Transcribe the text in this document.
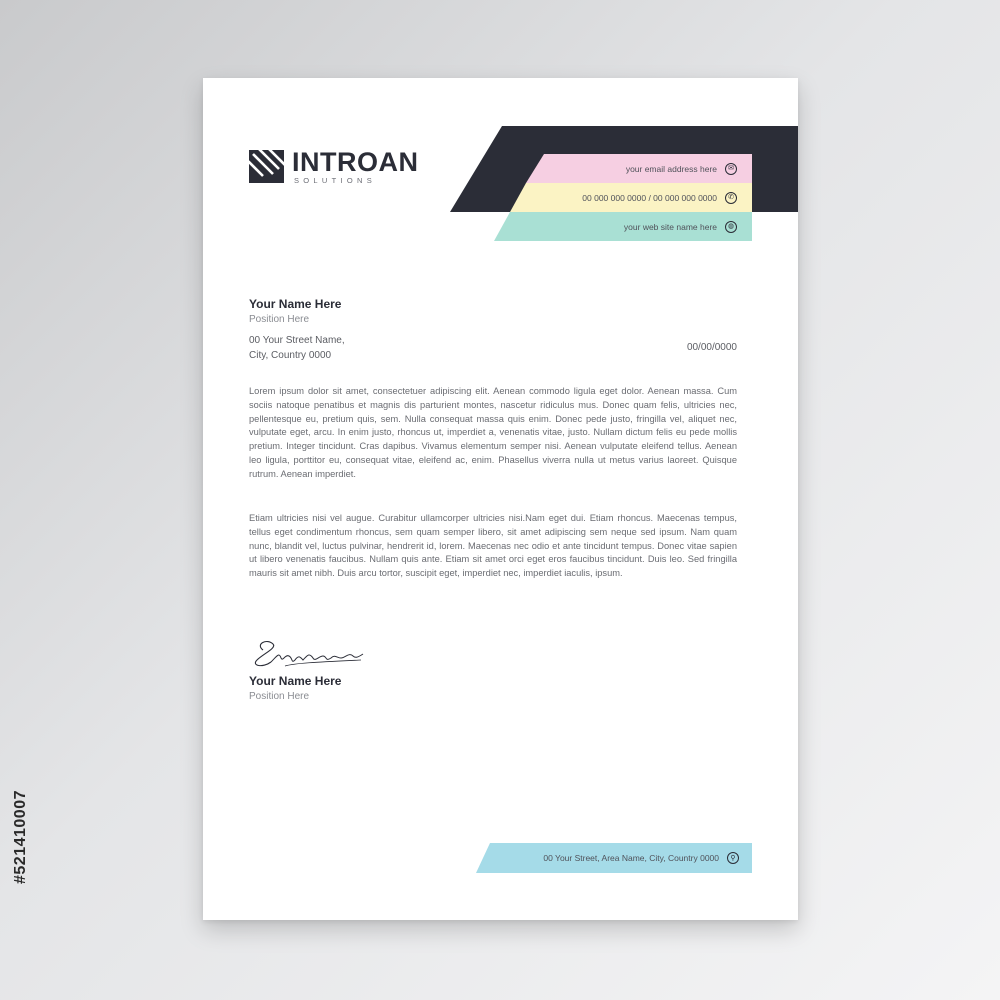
#521410007
INTROAN
SOLUTIONS
your email address here	✉
00 000 000 0000 / 00 000 000 0000	✆
your web site name here	◍
Your Name Here
Position Here
00 Your Street Name,
City, Country 0000
00/00/0000

Lorem ipsum dolor sit amet, consectetuer adipiscing elit. Aenean commodo ligula eget dolor. Aenean massa. Cum sociis natoque penatibus et magnis dis parturient montes, nascetur ridiculus mus. Donec quam felis, ultricies nec, pellentesque eu, pretium quis, sem. Nulla consequat massa quis enim. Donec pede justo, fringilla vel, aliquet nec, vulputate eget, arcu. In enim justo, rhoncus ut, imperdiet a, venenatis vitae, justo. Nullam dictum felis eu pede mollis pretium. Integer tincidunt. Cras dapibus. Vivamus elementum semper nisi. Aenean vulputate eleifend tellus. Aenean leo ligula, porttitor eu, consequat vitae, eleifend ac, enim. Phasellus viverra nulla ut metus varius laoreet. Quisque rutrum. Aenean imperdiet.

Etiam ultricies nisi vel augue. Curabitur ullamcorper ultricies nisi.Nam eget dui. Etiam rhoncus. Maecenas tempus, tellus eget condimentum rhoncus, sem quam semper libero, sit amet adipiscing sem neque sed ipsum. Nam quam nunc, blandit vel, luctus pulvinar, hendrerit id, lorem. Maecenas nec odio et ante tincidunt tempus. Donec vitae sapien ut libero venenatis faucibus. Nullam quis ante. Etiam sit amet orci eget eros faucibus tincidunt. Duis leo. Sed fringilla mauris sit amet nibh. Duis arcu tortor, suscipit eget, imperdiet nec, imperdiet iaculis, ipsum.

Your Name Here
Position Here
00 Your Street, Area Name, City, Country 0000	⚲
